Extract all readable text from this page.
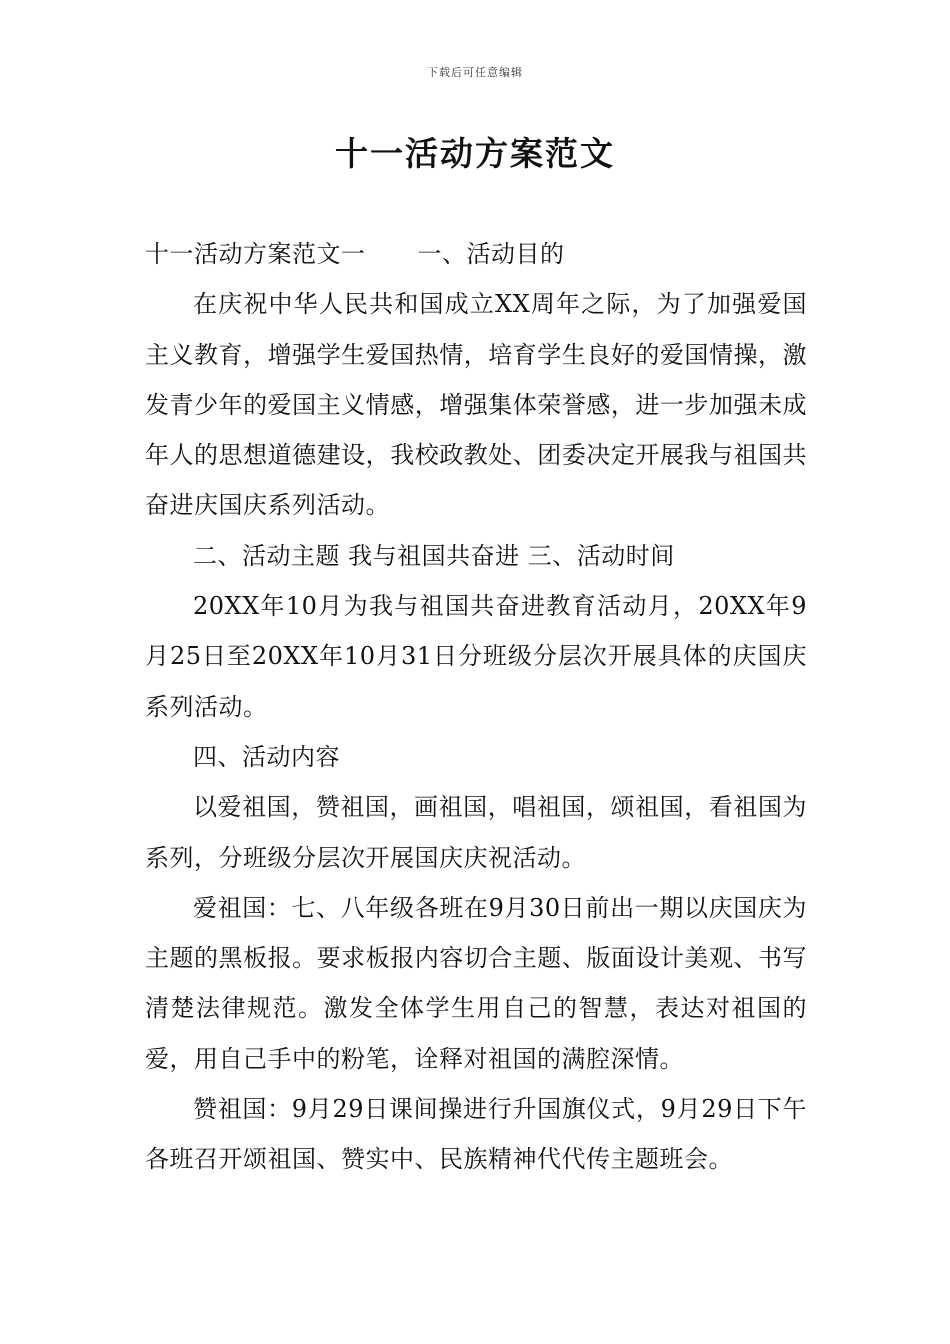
下载后可任意编辑
十一活动方案范文

十一活动方案范文一 一、活动目的

在庆祝中华人民共和国成立XX周年之际，为了加强爱国主义教育，增强学生爱国热情，培育学生良好的爱国情操，激发青少年的爱国主义情感，增强集体荣誉感，进一步加强未成年人的思想道德建设，我校政教处、团委决定开展我与祖国共奋进庆国庆系列活动。

二、活动主题 我与祖国共奋进 三、活动时间

20XX年10月为我与祖国共奋进教育活动月，20XX年9月25日至20XX年10月31日分班级分层次开展具体的庆国庆系列活动。

四、活动内容

以爱祖国，赞祖国，画祖国，唱祖国，颂祖国，看祖国为系列，分班级分层次开展国庆庆祝活动。

爱祖国：七、八年级各班在9月30日前出一期以庆国庆为主题的黑板报。要求板报内容切合主题、版面设计美观、书写清楚法律规范。激发全体学生用自己的智慧，表达对祖国的爱，用自己手中的粉笔，诠释对祖国的满腔深情。

赞祖国：9月29日课间操进行升国旗仪式，9月29日下午各班召开颂祖国、赞实中、民族精神代代传主题班会。
